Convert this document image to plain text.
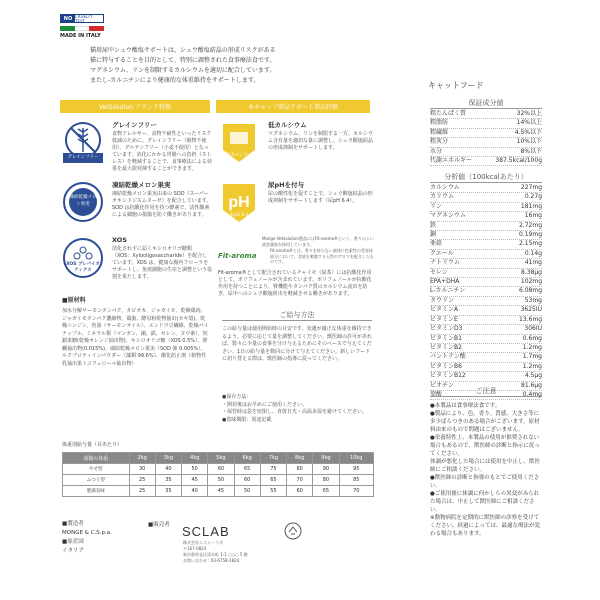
NO CRUELTY TEST
MADE IN ITALY
猫用尿中シュウ酸塩サポートは、シュウ酸塩結晶の形成リスクがある
猫に特与することを目的として、特別に調整された食事療法食です。
マグネシウム、リンを制限するカルシウムを適切に配合しています。
またし-カルニチンにより健康的な体重維持をサポートします。
VetSolution ブランド特徴	本キャップ製品サポート製品特徴
グレインフリー
グレインフリー
食物アレルギー、食物不耐性といったリスク低減のために、グレインフリー（穀物不使用）、グルテンフリー（小麦不使用）となっています。消化にかかる胃腸への負担（ストレス）を軽減することで、食事療法による効果を最大限発揮することができます。
凍結乾燥メロン果実
凍結乾燥メロン果実
凍結乾燥メロン果実由来の SOD（スーパーオキシドジスムターゼ）を配合しています。SOD は抗酸化作用を持つ酵素で、活性酸素による細胞の損傷を防ぐ働きがあります。
XOS プレバイオティクス
XOS
消化されずに届くキシロオリゴ糖類（XOS：Xylooligosaccharide）を配合しています。XOS は、健康な腸内フローラをサポートし、免疫細胞の生産と調整という役割を果たします。
低カルシウム
低カルシウム
マグネシウム、リンを制限する一方、カルシウム含有量を適切な量に調整し、シュウ酸塩結晶の形成抑制をサポートします。
pH
尿pH 6.4
尿pHを付与
尿の酸性化を促すことで、シュウ酸塩結晶の形成抑制をサポートします（尿pH 6.4）。
Monge Vetsolution製品にはFit-aroma®という、香りのよい液状脂肪を採用しています。
Fit-aroma
Fit-aroma®とは、香りを持たない液体に色素性の受容体部分において、食欲を刺激する天然のアロマを配合したものです。
Fit-aroma®として配合されているチャイモ（緑茶）には抗酸化作用として、ポリフェノールが含まれています。ポリフェノールが抗酸化作用を持つことにより、腎機能やタンパク質のカルシウム流出を防ぎ、尿中へのシュウ酸塩析出を軽減させる働きがあります。
■原材料
加水分解サーモンタンパク、タピオカ、ジャガイモ、乾燥鶏肉、ジャガイモタンパク濃縮物、鶏脂、酵母粉乾物抽出(カキ殻)、乾燥ニンジン、魚油（サーモンオイル）、エンドウ豆繊維、乾燥パイナップル、ミネラル類（マンガン、銅、鉄、セレン、ヨウ素）、短鎖果糖(乾燥オレンジ抽出物)、キシロオリゴ糖（XOS 0.5%）、膵臓抽出物(0.015%)、凍結乾燥メロン果実（SOD 源 0.005%）、ルクブロティインパウダー（藻類 99.6%）、酸化防止剤（植物性乳抽出果トコフェロール抽出物）
ご給与方法
この給与量は使用開始時の目安です。変遷が適正な体重を維持できるよう、必要に応じて量を調整してください。獣医師の許可があれば、数々に少量の食事を分け与えるためにそのペースで与えてください。1日の給与量を数回に分けて与えてください。新しいフードに切り替える際は、獣医師の指導に従ってください。
●保存方法：
・開封後はお早めにご使用ください。
・保管時は袋を密閉し、直射日光・高温多湿を避けてください。
●賞味期限：別途記載
体重別給与量（目あたり）
成猫の体重	2kg	3kg	4kg	5kg	6kg	7kg	8kg	9kg	10kg
やせ型	30	40	50	60	65	75	80	90	95
ふつう型	25	35	45	50	60	65	70	80	85
肥満気味	25	35	40	45	50	55	60	65	70
■製造者
MONGE & C.S.p.a.
■原産国
イタリア
■販売者 SCLAB
株式会社エスシーラボ
〒167-0824
東京都杉並区清水町 1-1 ○○○ 5 階
お問い合わせ : 03-6758-1824
キャットフード
保証成分値
粗たんぱく質	32%以上
粗脂肪	14%以上
粗繊維	4.5%以下
粗灰分	10%以下
水分	8%以下
代謝エネルギー	387.5kcal/100g
分析値（100kcalあたり）
カルシウム	227mg
カリウム	0.27g
リン	181mg
マグネシウム	16mg
鉄	2.72mg
銅	0.19mg
亜鉛	2.15mg
クエール	0.14g
ナトリウム	41mg
セレン	8.38μg
EPA+DHA	102mg
L-カルニチン	6.08mg
タウリン	53mg
ビタミンA	3625IU
ビタミンE	13.6mg
ビタミンD3	306IU
ビタミンB1	0.6mg
ビタミンB2	1.2mg
パントテン酸	1.7mg
ビタミンB6	1.2mg
ビタミンB12	4.5μg
ビオチン	81.6μg
葉酸	0.4mg
ご注意
●本製品は食事療法食です。
●製品により、色、香り、質感、大きさ等に多少ばらつきのある場合がございます。原材料由来のもので問題はございません。
●栄養特性上、本製品の使用が推奨されない場合もあるので、獣医師の診断と指示に従ってください。
体調が悪化した場合には使用を中止し、獣医師にご相談ください。
●獣医師の診断と指導のもとでご使用ください。
●ご使用後に体調に何かしらの異変がみられた場合は、中止して獣医師にご相談ください。
※動物病院を定期的に獣医師の診察を受けてください。経過によっては、最適な療法が変わる場合もあります。
